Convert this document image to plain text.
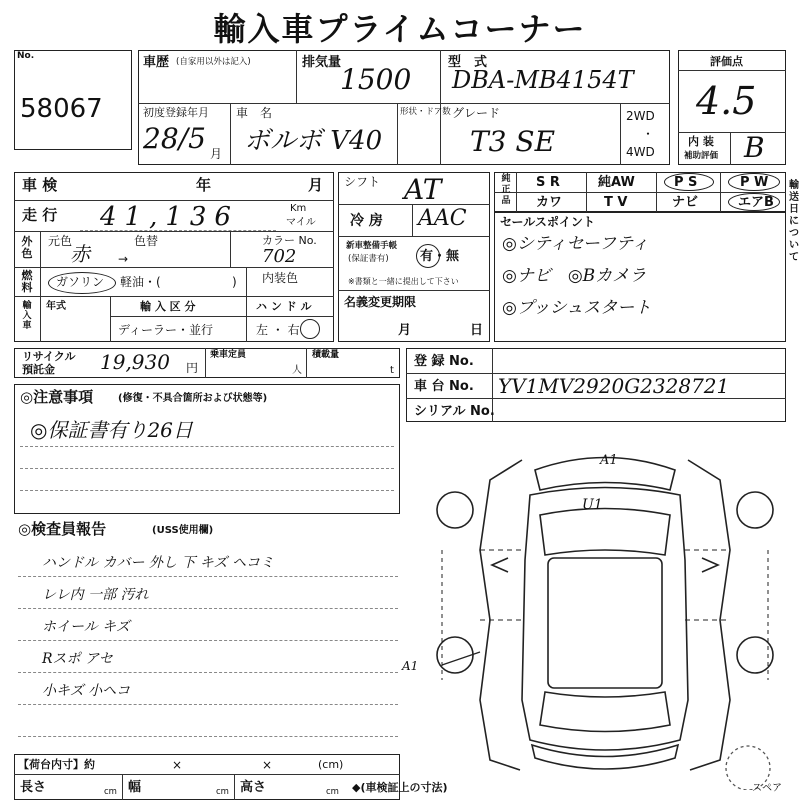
輸入車プライムコーナー
No.
58067
車歴 (自家用以外は記入)	排気量
1500
型　式
DBA-MB4154T
初度登録年月
28/5 月
車　名
ボルボ V40
形状・ドア数 グレード
T3 SE
2WD
・
4WD
評価点
4.5
内 装
補助評価 B
車 検	年	月
走 行 41,136	Km
マイル
外色
元色
赤
色替
→
カラー No.
702
燃料 ガソリン 軽油・(	) 内装色
輸入車
年式	輸 入 区 分
ディーラー・並行
ハ ン ド ル
左 ・ 右
シフト AT
冷 房 AAC
新車整備手帳
(保証書有) 有・無
※書類と一緒に提出して下さい
名義変更期限
月	日
純正品
S R	純AW	P S	P W
カワ	T V	ナビ	エアB
セールスポイント
◎シティセーフティ
◎ナビ　◎Bカメラ
◎プッシュスタート
輸送日について
リサイクル
預託金 19,930 円
乗車定員
人
積載量
t
登 録 No.
車 台 No. YV1MV2920G2328721
シリアル No.
◎注意事項 (修復・不具合箇所および状態等)
◎保証書有り26日
◎検査員報告	(USS使用欄)
ハンドル カバー 外し 下 キズ ヘコミ
レレ内 一部 汚れ
ホイール キズ
Rスポ アセ
小キズ 小ヘコ
A1
U1
A1
スペア
【荷台内寸】約	×	×	(cm)
長さ	cm 幅	cm 高さ	cm ◆(車検証上の寸法)
